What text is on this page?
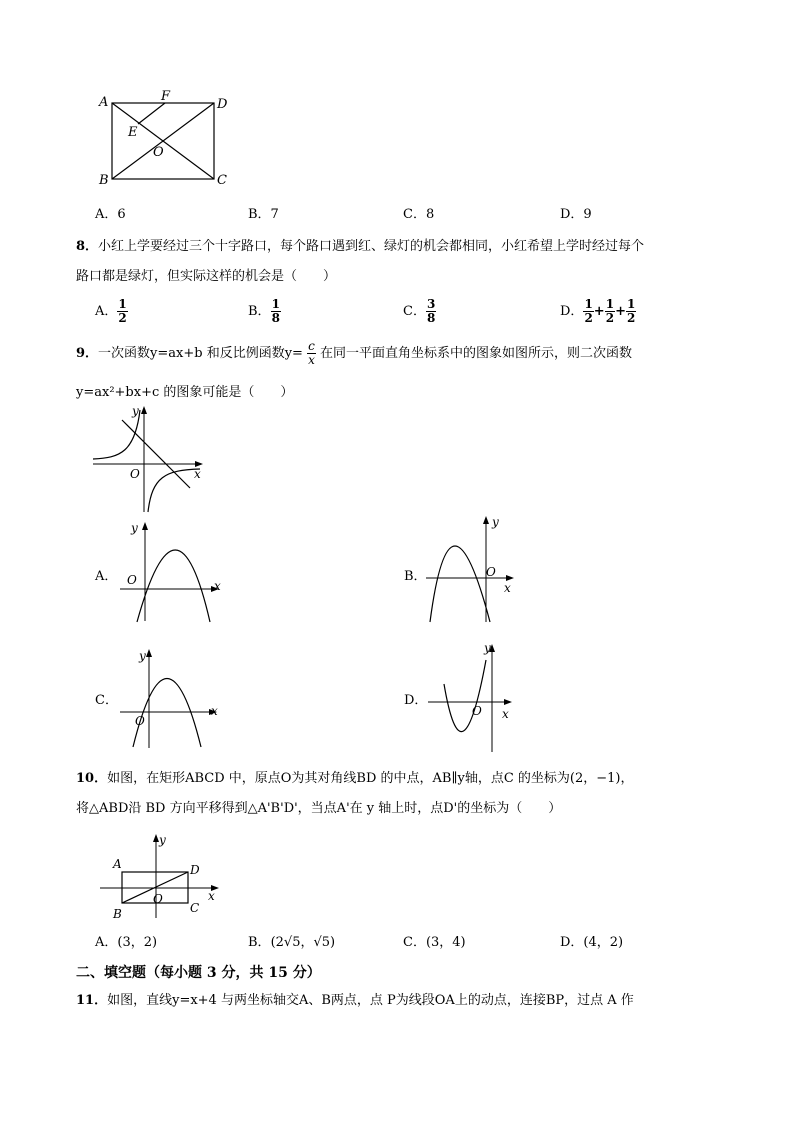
A	F
D
E
O
B	C
A．6	B．7	C．8	D．9
8．小红上学要经过三个十字路口，每个路口遇到红、绿灯的机会都相同，小红希望上学时经过每个
路口都是绿灯，但实际这样的机会是（　　）
A． $\frac{1}{2}$	B． $\frac{1}{8}$	C． $\frac{3}{8}$	D． $\frac{1}{2} + \frac{1}{2} + \frac{1}{2}$
9．一次函数y=ax+b 和反比例函数$y= \frac{c}{x}$ 在同一平面直角坐标系中的图象如图所示，则二次函数
y=ax²+bx+c 的图象可能是（　　）
y
x
O
A．
y
x
O	B．
y
x
O
C．
y
x
O
D．
y
x
O
10．如图，在矩形ABCD 中，原点O为其对角线BD 的中点，AB∥y轴，点C 的坐标为(2，−1)，
将△ABD沿 BD 方向平移得到△A'B'D'，当点A'在 y 轴上时，点D'的坐标为（　　）
A
B	C
D
O	x
y
A．(3，2)	B．(2√5，√5)	C．(3，4)	D．(4，2)
二、填空题（每小题 3 分，共 15 分）
11．如图，直线y=x+4 与两坐标轴交A、B两点，点 P为线段OA上的动点，连接BP，过点 A 作
